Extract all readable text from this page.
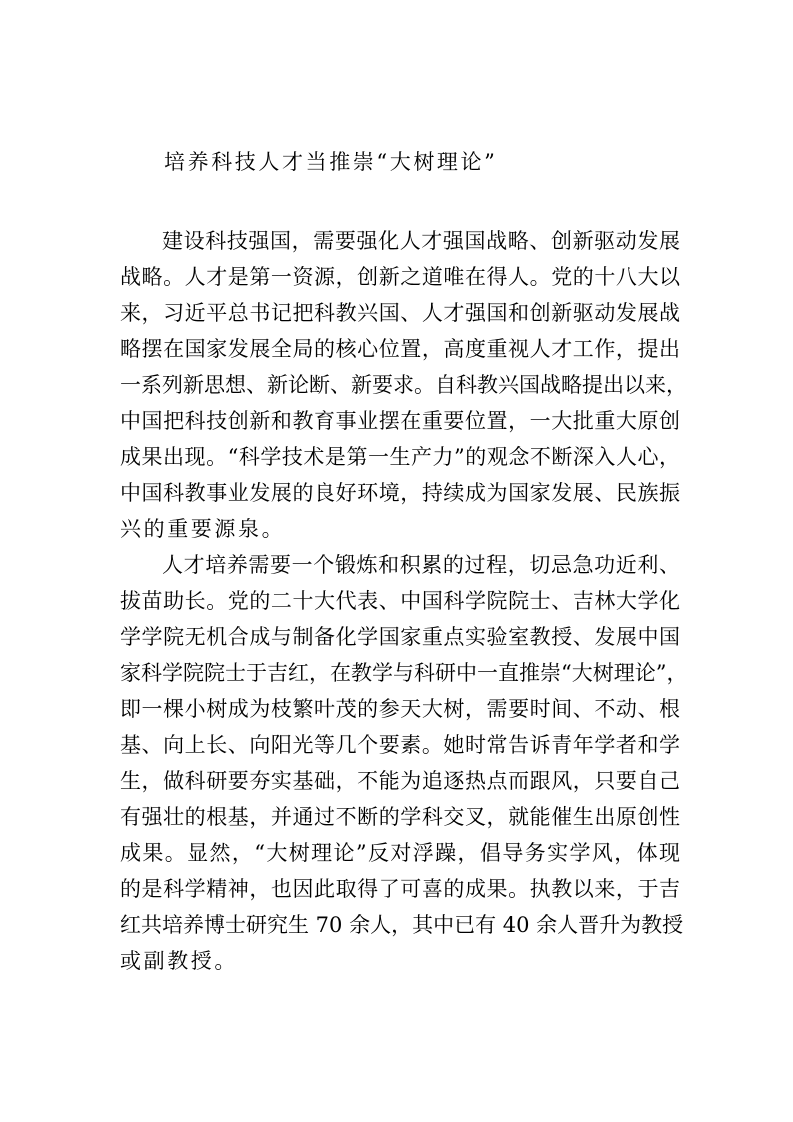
培养科技人才当推崇“大树理论”
建设科技强国，需要强化人才强国战略、创新驱动发展
战略。人才是第一资源，创新之道唯在得人。党的十八大以
来，习近平总书记把科教兴国、人才强国和创新驱动发展战
略摆在国家发展全局的核心位置，高度重视人才工作，提出
一系列新思想、新论断、新要求。自科教兴国战略提出以来，
中国把科技创新和教育事业摆在重要位置，一大批重大原创
成果出现。“科学技术是第一生产力”的观念不断深入人心，
中国科教事业发展的良好环境，持续成为国家发展、民族振
兴的重要源泉。
人才培养需要一个锻炼和积累的过程，切忌急功近利、
拔苗助长。党的二十大代表、中国科学院院士、吉林大学化
学学院无机合成与制备化学国家重点实验室教授、发展中国
家科学院院士于吉红，在教学与科研中一直推崇“大树理论”，
即一棵小树成为枝繁叶茂的参天大树，需要时间、不动、根
基、向上长、向阳光等几个要素。她时常告诉青年学者和学
生，做科研要夯实基础，不能为追逐热点而跟风，只要自己
有强壮的根基，并通过不断的学科交叉，就能催生出原创性
成果。显然，“大树理论”反对浮躁，倡导务实学风，体现
的是科学精神，也因此取得了可喜的成果。执教以来，于吉
红共培养博士研究生 70 余人，其中已有 40 余人晋升为教授
或副教授。
